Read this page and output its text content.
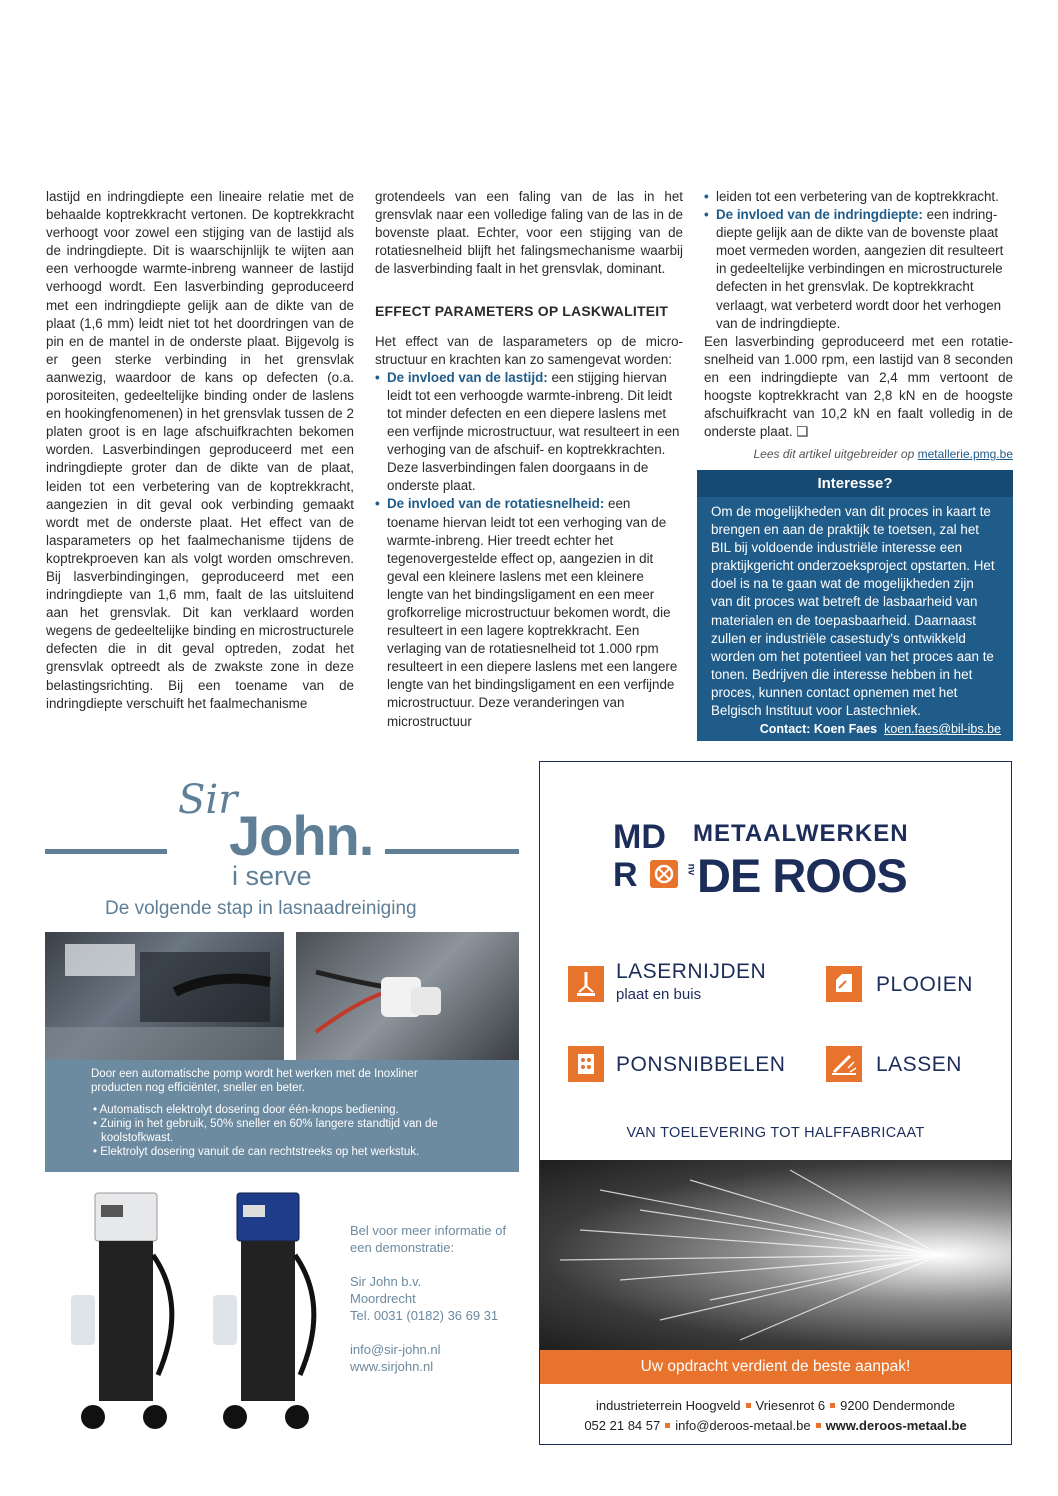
lastijd en indringdiepte een lineaire relatie met de behaalde koptrekkracht vertonen. De koptrekkracht verhoogt voor zowel een stijging van de lastijd als de indringdiepte. Dit is waarschijnlijk te wijten aan een verhoogde warmte-inbreng wanneer de lastijd verhoogd wordt. Een lasverbinding geproduceerd met een indringdiepte gelijk aan de dikte van de plaat (1,6 mm) leidt niet tot het doordringen van de pin en de mantel in de onderste plaat. Bijgevolg is er geen sterke verbinding in het grensvlak aanwezig, waardoor de kans op defecten (o.a. porositeiten, gedeeltelijke binding onder de laslens en hookingfenomenen) in het grensvlak tussen de 2 platen groot is en lage afschuifkrachten bekomen worden. Lasverbindingen geproduceerd met een indringdiepte groter dan de dikte van de plaat, leiden tot een verbetering van de koptrekkracht, aangezien in dit geval ook verbinding gemaakt wordt met de onderste plaat. Het effect van de lasparameters op het faalmechanisme tijdens de koptrekproeven kan als volgt worden omschreven. Bij lasverbindingingen, geproduceerd met een indringdiepte van 1,6 mm, faalt de las uitsluitend aan het grensvlak. Dit kan verklaard worden wegens de gedeeltelijke binding en microstructurele defecten die in dit geval optreden, zodat het grensvlak optreedt als de zwakste zone in deze belastingsrichting. Bij een toename van de indringdiepte verschuift het faalmechanisme

grotendeels van een faling van de las in het grensvlak naar een volledige faling van de las in de bovenste plaat. Echter, voor een stijging van de rotatiesnelheid blijft het falingsmechanisme waarbij de lasverbinding faalt in het grensvlak, dominant.

EFFECT PARAMETERS OP LASKWALITEIT

Het effect van de lasparameters op de microstructuur en krachten kan zo samengevat worden:

• De invloed van de lastijd: een stijging hiervan leidt tot een verhoogde warmte-inbreng. Dit leidt tot minder defecten en een diepere laslens met een verfijnde microstructuur, wat resulteert in een verhoging van de afschuif- en koptrekkrachten. Deze lasverbindingen falen doorgaans in de onderste plaat.

• De invloed van de rotatiesnelheid: een toename hiervan leidt tot een verhoging van de warmte-inbreng. Hier treedt echter het tegenovergestelde effect op, aangezien in dit geval een kleinere laslens met een kleinere lengte van het bindingsligament en een meer grofkorrelige microstructuur bekomen wordt, die resulteert in een lagere koptrekkracht. Een verlaging van de rotatiesnelheid tot 1.000 rpm resulteert in een diepere laslens met een langere lengte van het bindingsligament en een verfijnde microstructuur. Deze veranderingen van microstructuur

• leiden tot een verbetering van de koptrekkracht.

• De invloed van de indringdiepte: een indringdiepte gelijk aan de dikte van de bovenste plaat moet vermeden worden, aangezien dit resulteert in gedeeltelijke verbindingen en microstructurele defecten in het grensvlak. De koptrekkracht verlaagt, wat verbeterd wordt door het verhogen van de indringdiepte.

Een lasverbinding geproduceerd met een rotatiesnelheid van 1.000 rpm, een lastijd van 8 seconden en een indringdiepte van 2,4 mm vertoont de hoogste koptrekkracht van 2,8 kN en de hoogste afschuifkracht van 10,2 kN en faalt volledig in de onderste plaat. ❑

Lees dit artikel uitgebreider op metallerie.pmg.be

Interesse?
Om de mogelijkheden van dit proces in kaart te brengen en aan de praktijk te toetsen, zal het BIL bij voldoende industriële interesse een praktijkgericht onderzoeksproject opstarten. Het doel is na te gaan wat de mogelijkheden zijn van dit proces wat betreft de lasbaarheid van materialen en de toepasbaarheid. Daarnaast zullen er industriële casestudy's ontwikkeld worden om het potentieel van het proces aan te tonen. Bedrijven die interesse hebben in het proces, kunnen contact opnemen met het Belgisch Instituut voor Lastechniek.
Contact: Koen Faes koen.faes@bil-ibs.be
Sir
John.
i serve
De volgende stap in lasnaadreiniging
Door een automatische pomp wordt het werken met de Inoxliner producten nog efficiënter, sneller en beter.
• Automatisch elektrolyt dosering door één-knops bediening.
• Zuinig in het gebruik, 50% sneller en 60% langere standtijd van de koolstofkwast.
• Elektrolyt dosering vanuit de can rechtstreeks op het werkstuk.

Bel voor meer informatie of een demonstratie:

Sir John b.v.
Moordrecht
Tel. 0031 (0182) 36 69 31

info@sir-john.nl
www.sirjohn.nl

MD
R	nv
METAALWERKEN
DE ROOS
LASERNIJDEN
plaat en buis	PLOOIEN
PONSNIBBELEN	LASSEN
VAN TOELEVERING TOT HALFFABRICAAT
Uw opdracht verdient de beste aanpak!
industrieterrein Hoogveld Vriesenrot 6 9200 Dendermonde
052 21 84 57 info@deroos-metaal.be www.deroos-metaal.be
